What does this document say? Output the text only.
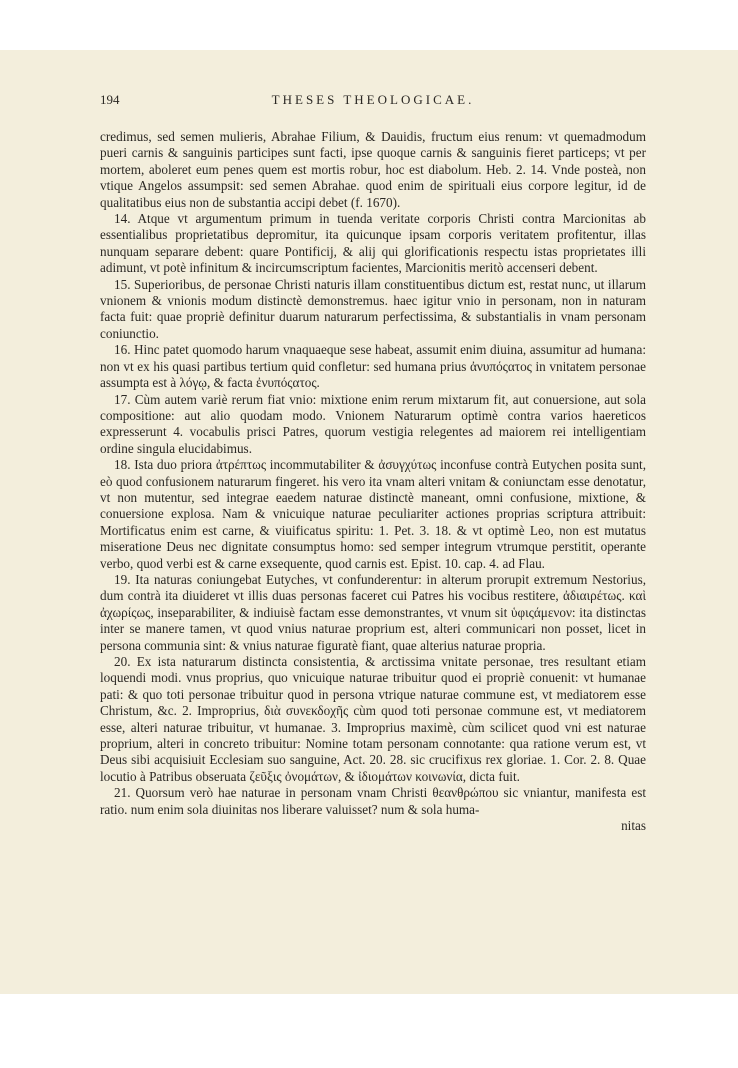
194	THESES THEOLOGICAE.

credimus, sed semen mulieris, Abrahae Filium, & Dauidis, fructum eius renum: vt quemadmodum pueri carnis & sanguinis participes sunt facti, ipse quoque carnis & sanguinis fieret particeps; vt per mortem, aboleret eum penes quem est mortis robur, hoc est diabolum. Heb. 2. 14. Vnde posteà, non vtique Angelos assumpsit: sed semen Abrahae. quod enim de spirituali eius corpore legitur, id de qualitatibus eius non de substantia accipi debet (f. 1670).

14. Atque vt argumentum primum in tuenda veritate corporis Christi contra Marcionitas ab essentialibus proprietatibus depromitur, ita quicunque ipsam corporis veritatem profitentur, illas nunquam separare debent: quare Pontificij, & alij qui glorificationis respectu istas proprietates illi adimunt, vt potè infinitum & incircumscriptum facientes, Marcionitis meritò accenseri debent.

15. Superioribus, de personae Christi naturis illam constituentibus dictum est, restat nunc, ut illarum vnionem & vnionis modum distinctè demonstremus. haec igitur vnio in personam, non in naturam facta fuit: quae propriè definitur duarum naturarum perfectissima, & substantialis in vnam personam coniunctio.

16. Hinc patet quomodo harum vnaquaeque sese habeat, assumit enim diuina, assumitur ad humana: non vt ex his quasi partibus tertium quid confletur: sed humana prius ἀνυπόςατος in vnitatem personae assumpta est à λόγῳ, & facta ἐνυπόςατος.

17. Cùm autem variè rerum fiat vnio: mixtione enim rerum mixtarum fit, aut conuersione, aut sola compositione: aut alio quodam modo. Vnionem Naturarum optimè contra varios haereticos expresserunt 4. vocabulis prisci Patres, quorum vestigia relegentes ad maiorem rei intelligentiam ordine singula elucidabimus.

18. Ista duo priora ἀτρέπτως incommutabiliter & ἀσυγχύτως inconfuse contrà Eutychen posita sunt, eò quod confusionem naturarum fingeret. his vero ita vnam alteri vnitam & coniunctam esse denotatur, vt non mutentur, sed integrae eaedem naturae distinctè maneant, omni confusione, mixtione, & conuersione explosa. Nam & vnicuique naturae peculiariter actiones proprias scriptura attribuit: Mortificatus enim est carne, & viuificatus spiritu: 1. Pet. 3. 18. & vt optimè Leo, non est mutatus miseratione Deus nec dignitate consumptus homo: sed semper integrum vtrumque perstitit, operante verbo, quod verbi est & carne exsequente, quod carnis est. Epist. 10. cap. 4. ad Flau.

19. Ita naturas coniungebat Eutyches, vt confunderentur: in alterum prorupit extremum Nestorius, dum contrà ita diuideret vt illis duas personas faceret cui Patres his vocibus restitere, ἀδιαιρέτως. καὶ ἀχωρίςως, inseparabiliter, & indiuisè factam esse demonstrantes, vt vnum sit ὑφιςάμενον: ita distinctas inter se manere tamen, vt quod vnius naturae proprium est, alteri communicari non posset, licet in persona communia sint: & vnius naturae figuratè fiant, quae alterius naturae propria.

20. Ex ista naturarum distincta consistentia, & arctissima vnitate personae, tres resultant etiam loquendi modi. vnus proprius, quo vnicuique naturae tribuitur quod ei propriè conuenit: vt humanae pati: & quo toti personae tribuitur quod in persona vtrique naturae commune est, vt mediatorem esse Christum, &c. 2. Improprius, διὰ συνεκδοχῆς cùm quod toti personae commune est, vt mediatorem esse, alteri naturae tribuitur, vt humanae. 3. Improprius maximè, cùm scilicet quod vni est naturae proprium, alteri in concreto tribuitur: Nomine totam personam connotante: qua ratione verum est, vt Deus sibi acquisiuit Ecclesiam suo sanguine, Act. 20. 28. sic crucifixus rex gloriae. 1. Cor. 2. 8. Quae locutio à Patribus obseruata ζεῦξις ὀνομάτων, & ἰδιομάτων κοινωνία, dicta fuit.

21. Quorsum verò hae naturae in personam vnam Christi θεανθρώπου sic vniantur, manifesta est ratio. num enim sola diuinitas nos liberare valuisset? num & sola huma-

nitas
